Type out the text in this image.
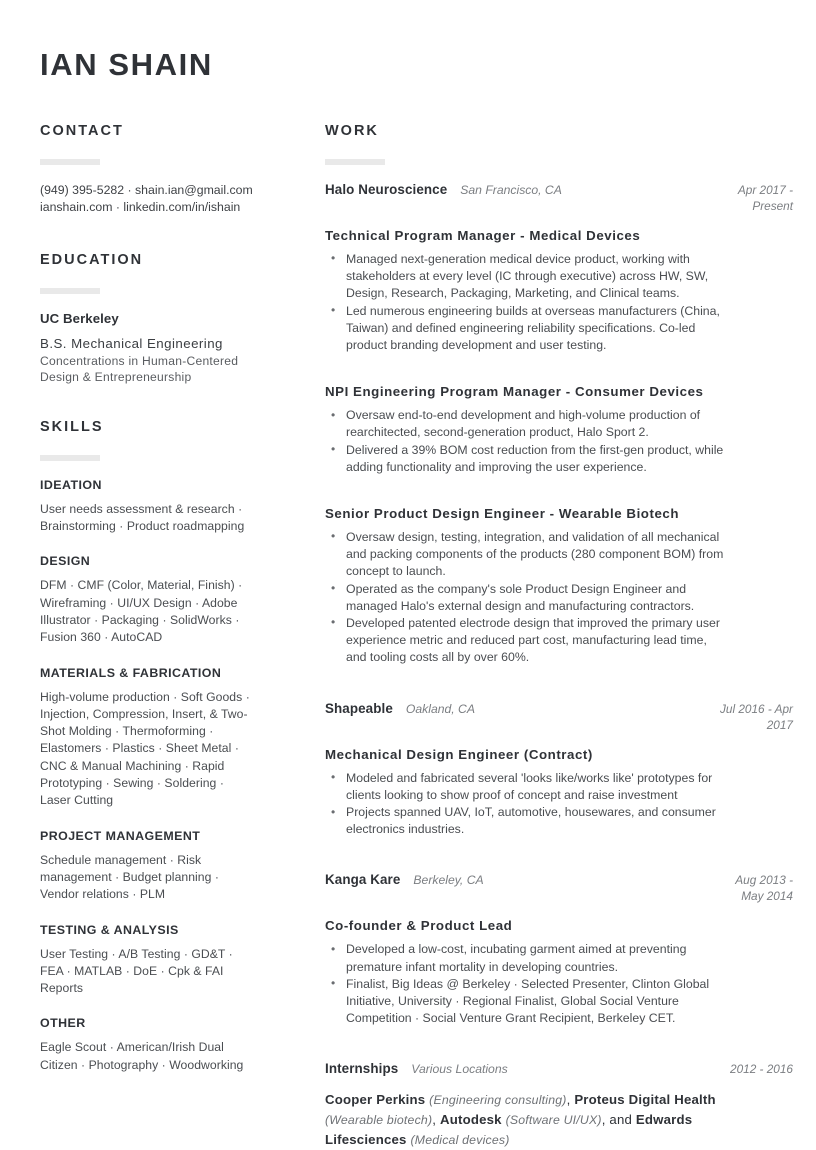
IAN SHAIN
CONTACT
(949) 395-5282 · shain.ian@gmail.com
ianshain.com · linkedin.com/in/ishain
EDUCATION
UC Berkeley
B.S. Mechanical Engineering
Concentrations in Human-Centered Design & Entrepreneurship
SKILLS
IDEATION
User needs assessment & research · Brainstorming · Product roadmapping
DESIGN
DFM · CMF (Color, Material, Finish) · Wireframing · UI/UX Design · Adobe Illustrator · Packaging · SolidWorks · Fusion 360 · AutoCAD
MATERIALS & FABRICATION
High-volume production · Soft Goods · Injection, Compression, Insert, & Two-Shot Molding · Thermoforming · Elastomers · Plastics · Sheet Metal · CNC & Manual Machining · Rapid Prototyping · Sewing · Soldering · Laser Cutting
PROJECT MANAGEMENT
Schedule management · Risk management · Budget planning · Vendor relations · PLM
TESTING & ANALYSIS
User Testing · A/B Testing · GD&T · FEA · MATLAB · DoE · Cpk & FAI Reports
OTHER
Eagle Scout · American/Irish Dual Citizen · Photography · Woodworking
WORK
Halo Neuroscience San Francisco, CA	Apr 2017 - Present
Technical Program Manager - Medical Devices
• Managed next-generation medical device product, working with stakeholders at every level (IC through executive) across HW, SW, Design, Research, Packaging, Marketing, and Clinical teams.
• Led numerous engineering builds at overseas manufacturers (China, Taiwan) and defined engineering reliability specifications. Co-led product branding development and user testing.
NPI Engineering Program Manager - Consumer Devices
• Oversaw end-to-end development and high-volume production of rearchitected, second-generation product, Halo Sport 2.
• Delivered a 39% BOM cost reduction from the first-gen product, while adding functionality and improving the user experience.
Senior Product Design Engineer - Wearable Biotech
• Oversaw design, testing, integration, and validation of all mechanical and packing components of the products (280 component BOM) from concept to launch.
• Operated as the company's sole Product Design Engineer and managed Halo's external design and manufacturing contractors.
• Developed patented electrode design that improved the primary user experience metric and reduced part cost, manufacturing lead time, and tooling costs all by over 60%.
Shapeable Oakland, CA	Jul 2016 - Apr 2017
Mechanical Design Engineer (Contract)
• Modeled and fabricated several 'looks like/works like' prototypes for clients looking to show proof of concept and raise investment
• Projects spanned UAV, IoT, automotive, housewares, and consumer electronics industries.
Kanga Kare Berkeley, CA	Aug 2013 - May 2014
Co-founder & Product Lead
• Developed a low-cost, incubating garment aimed at preventing premature infant mortality in developing countries.
• Finalist, Big Ideas @ Berkeley · Selected Presenter, Clinton Global Initiative, University · Regional Finalist, Global Social Venture Competition · Social Venture Grant Recipient, Berkeley CET.
Internships Various Locations	2012 - 2016
Cooper Perkins (Engineering consulting), Proteus Digital Health (Wearable biotech), Autodesk (Software UI/UX), and Edwards Lifesciences (Medical devices)
